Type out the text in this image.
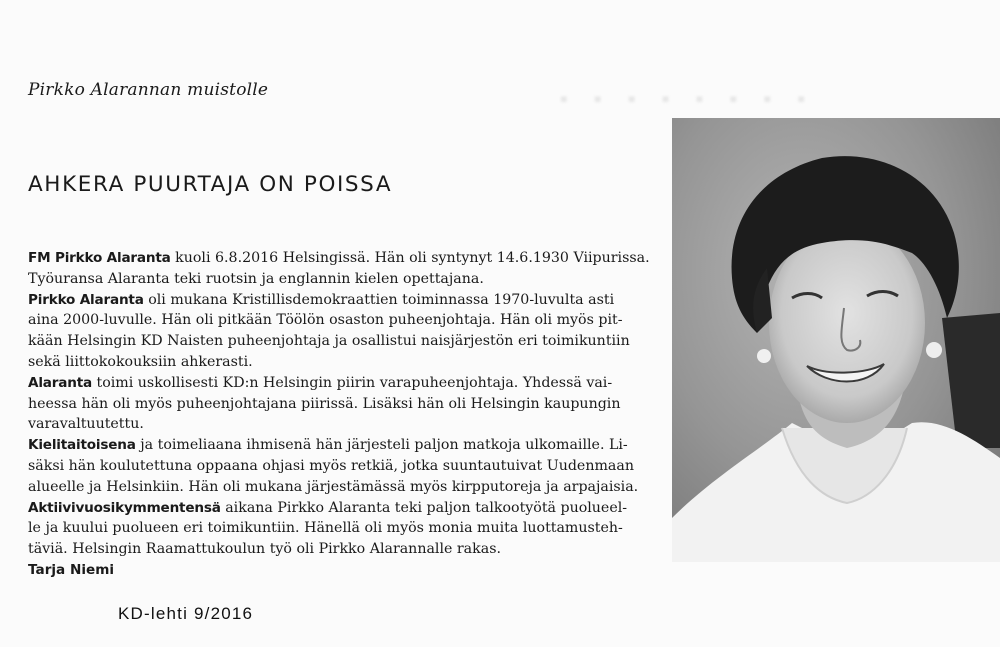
▪ ▪ ▪ ▪ ▪ ▪ ▪ ▪
Pirkko Alarannan muistolle
AHKERA PUURTAJA ON POISSA
FM Pirkko Alaranta kuoli 6.8.2016 Helsingissä. Hän oli syntynyt 14.6.1930 Viipurissa.
Työuransa Alaranta teki ruotsin ja englannin kielen opettajana.
Pirkko Alaranta oli mukana Kristillisdemokraattien toiminnassa 1970-luvulta asti
aina 2000-luvulle. Hän oli pitkään Töölön osaston puheenjohtaja. Hän oli myös pit-
kään Helsingin KD Naisten puheenjohtaja ja osallistui naisjärjestön eri toimikuntiin
sekä liittokokouksiin ahkerasti.
Alaranta toimi uskollisesti KD:n Helsingin piirin varapuheenjohtaja. Yhdessä vai-
heessa hän oli myös puheenjohtajana piirissä. Lisäksi hän oli Helsingin kaupungin
varavaltuutettu.
Kielitaitoisena ja toimeliaana ihmisenä hän järjesteli paljon matkoja ulkomaille. Li-
säksi hän koulutettuna oppaana ohjasi myös retkiä, jotka suuntautuivat Uudenmaan
alueelle ja Helsinkiin. Hän oli mukana järjestämässä myös kirpputoreja ja arpajaisia.
Aktiivivuosikymmentensä aikana Pirkko Alaranta teki paljon talkootyötä puolueel-
le ja kuului puolueen eri toimikuntiin. Hänellä oli myös monia muita luottamusteh-
täviä. Helsingin Raamattukoulun työ oli Pirkko Alarannalle rakas.
Tarja Niemi
KD-lehti 9/2016
